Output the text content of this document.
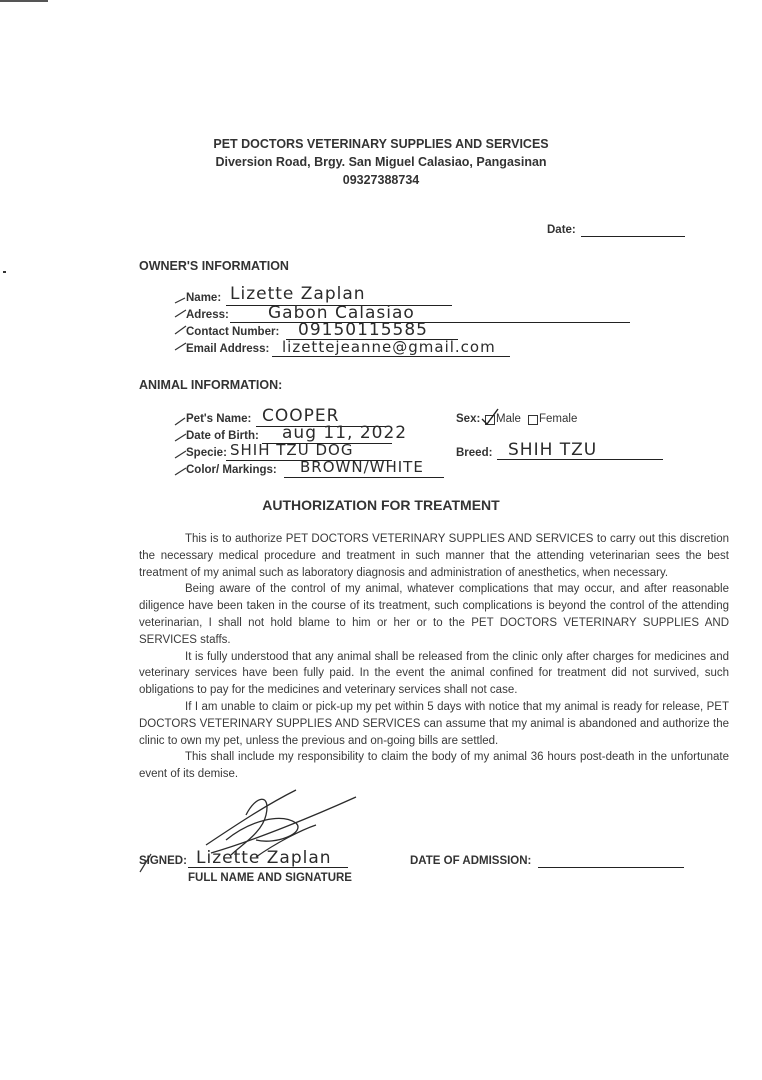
PET DOCTORS VETERINARY SUPPLIES AND SERVICES
Diversion Road, Brgy. San Miguel Calasiao, Pangasinan
09327388734
Date:
OWNER'S INFORMATION
Name: Lizette Zaplan
Adress: Gabon Calasiao
Contact Number: 09150115585
Email Address: lizettejeanne@gmail.com
ANIMAL INFORMATION:
Pet's Name: COOPER
Date of Birth: aug 11, 2022
Specie: SHIH TZU DOG
Color/ Markings: BROWN/WHITE
Sex: Male Female
Breed: SHIH TZU
AUTHORIZATION FOR TREATMENT

This is to authorize PET DOCTORS VETERINARY SUPPLIES AND SERVICES to carry out this discretion the necessary medical procedure and treatment in such manner that the attending veterinarian sees the best treatment of my animal such as laboratory diagnosis and administration of anesthetics, when necessary.

Being aware of the control of my animal, whatever complications that may occur, and after reasonable diligence have been taken in the course of its treatment, such complications is beyond the control of the attending veterinarian, I shall not hold blame to him or her or to the PET DOCTORS VETERINARY SUPPLIES AND SERVICES staffs.

It is fully understood that any animal shall be released from the clinic only after charges for medicines and veterinary services have been fully paid. In the event the animal confined for treatment did not survived, such obligations to pay for the medicines and veterinary services shall not case.

If I am unable to claim or pick-up my pet within 5 days with notice that my animal is ready for release, PET DOCTORS VETERINARY SUPPLIES AND SERVICES can assume that my animal is abandoned and authorize the clinic to own my pet, unless the previous and on-going bills are settled.

This shall include my responsibility to claim the body of my animal 36 hours post-death in the unfortunate event of its demise.

SIGNED: Lizette Zaplan
FULL NAME AND SIGNATURE
DATE OF ADMISSION:
